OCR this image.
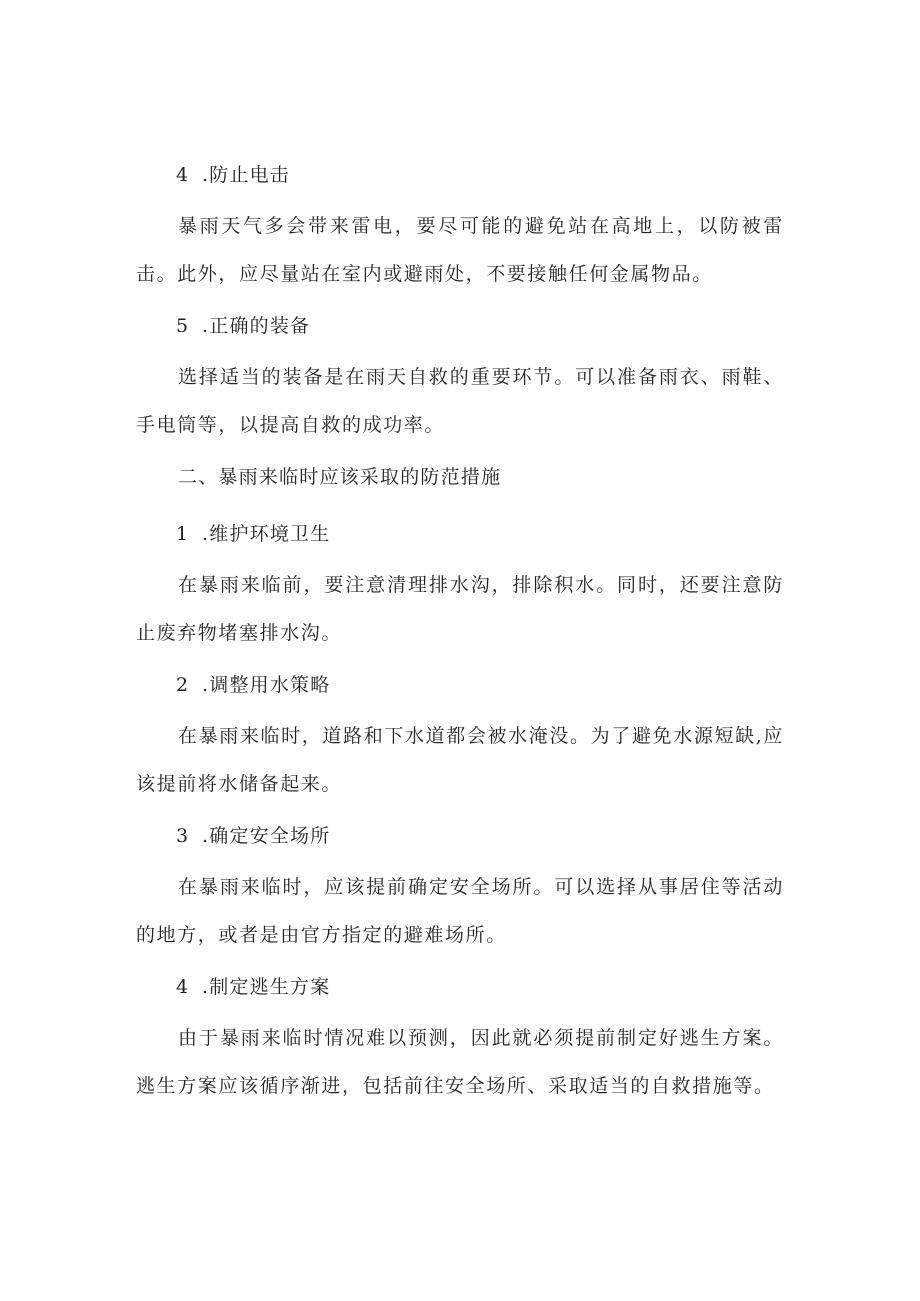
4 .防止电击

暴雨天气多会带来雷电，要尽可能的避免站在高地上，以防被雷击。此外，应尽量站在室内或避雨处，不要接触任何金属物品。

5 .正确的装备

选择适当的装备是在雨天自救的重要环节。可以准备雨衣、雨鞋、手电筒等，以提高自救的成功率。

二、暴雨来临时应该采取的防范措施
1 .维护环境卫生

在暴雨来临前，要注意清理排水沟，排除积水。同时，还要注意防止废弃物堵塞排水沟。

2 .调整用水策略

在暴雨来临时，道路和下水道都会被水淹没。为了避免水源短缺,应该提前将水储备起来。

3 .确定安全场所

在暴雨来临时，应该提前确定安全场所。可以选择从事居住等活动的地方，或者是由官方指定的避难场所。

4 .制定逃生方案

由于暴雨来临时情况难以预测，因此就必须提前制定好逃生方案。逃生方案应该循序渐进，包括前往安全场所、采取适当的自救措施等。
